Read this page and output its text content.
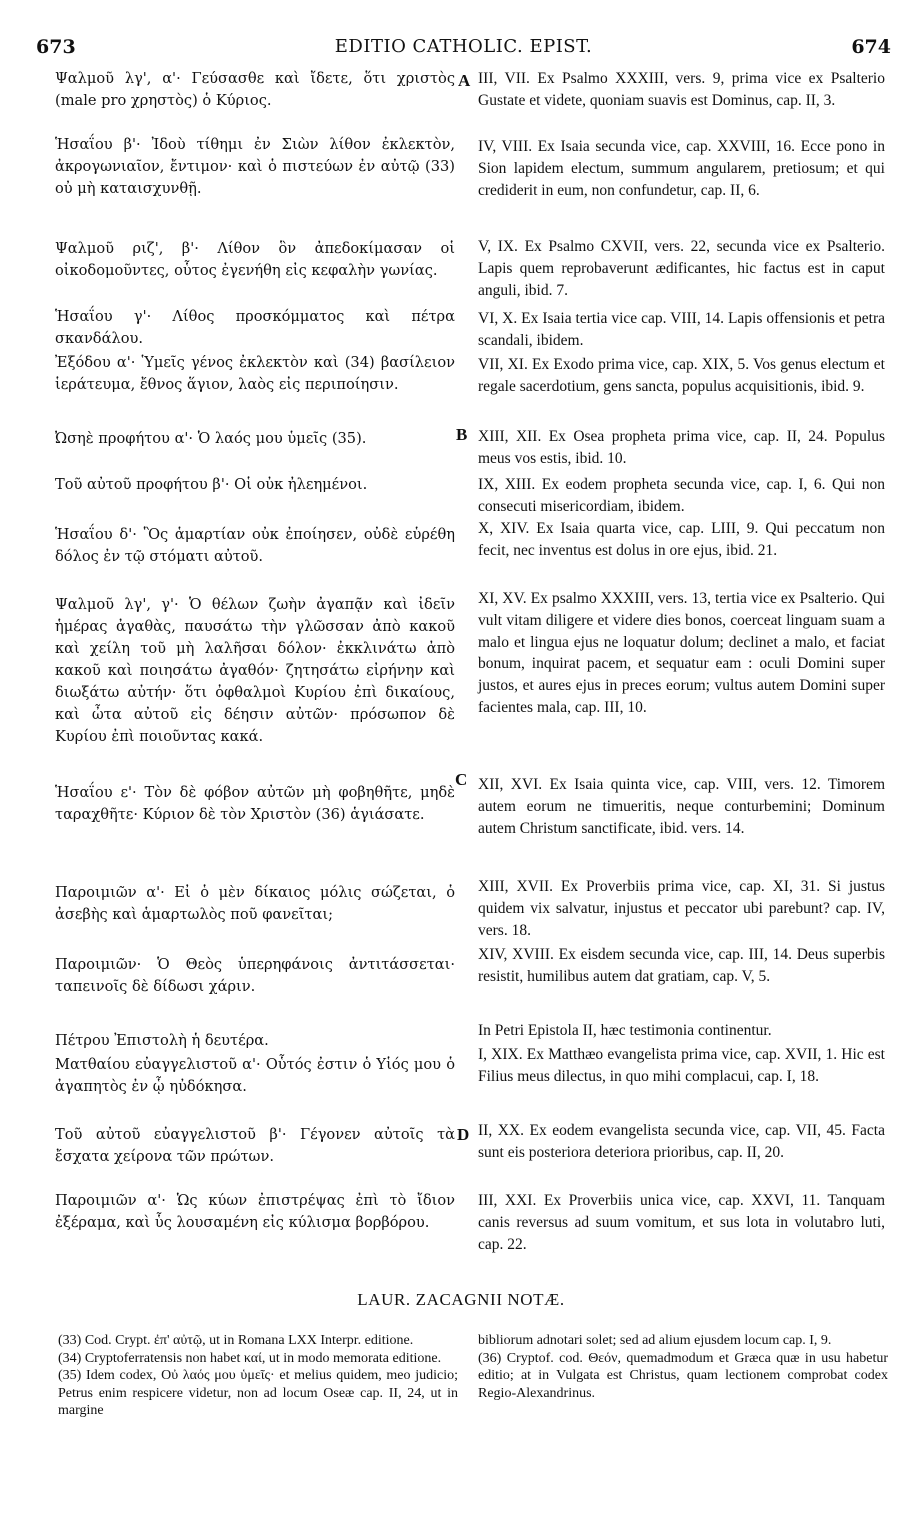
673	EDITIO CATHOLIC. EPIST.	674
Ψαλμοῦ λγ', α'· Γεύσασθε καὶ ἴδετε, ὅτι χριστὸς (male pro χρηστὸς) ὁ Κύριος.
Ἡσαΐου β'· Ἰδοὺ τίθημι ἐν Σιὼν λίθον ἐκλεκτὸν, ἀκρογωνιαῖον, ἔντιμον· καὶ ὁ πιστεύων ἐν αὐτῷ (33) οὐ μὴ καταισχυνθῇ.
Ψαλμοῦ ριζ', β'· Λίθον ὃν ἀπεδοκίμασαν οἱ οἰκοδομοῦντες, οὗτος ἐγενήθη εἰς κεφαλὴν γωνίας.
Ἡσαΐου γ'· Λίθος προσκόμματος καὶ πέτρα σκανδάλου.
Ἐξόδου α'· Ὑμεῖς γένος ἐκλεκτὸν καὶ (34) βασίλειον ἱεράτευμα, ἔθνος ἅγιον, λαὸς εἰς περιποίησιν.
Ὠσηὲ προφήτου α'· Ὁ λαός μου ὑμεῖς (35).
Τοῦ αὐτοῦ προφήτου β'· Οἱ οὐκ ἠλεημένοι.
Ἡσαΐου δ'· Ὃς ἁμαρτίαν οὐκ ἐποίησεν, οὐδὲ εὑρέθη δόλος ἐν τῷ στόματι αὐτοῦ.
Ψαλμοῦ λγ', γ'· Ὁ θέλων ζωὴν ἀγαπᾷν καὶ ἰδεῖν ἡμέρας ἀγαθὰς, παυσάτω τὴν γλῶσσαν ἀπὸ κακοῦ καὶ χείλη τοῦ μὴ λαλῆσαι δόλον· ἐκκλινάτω ἀπὸ κακοῦ καὶ ποιησάτω ἀγαθόν· ζητησάτω εἰρήνην καὶ διωξάτω αὐτήν· ὅτι ὀφθαλμοὶ Κυρίου ἐπὶ δικαίους, καὶ ὦτα αὐτοῦ εἰς δέησιν αὐτῶν· πρόσωπον δὲ Κυρίου ἐπὶ ποιοῦντας κακά.
Ἡσαΐου ε'· Τὸν δὲ φόβον αὐτῶν μὴ φοβηθῆτε, μηδὲ ταραχθῆτε· Κύριον δὲ τὸν Χριστὸν (36) ἁγιάσατε.
Παροιμιῶν α'· Εἰ ὁ μὲν δίκαιος μόλις σώζεται, ὁ ἀσεβὴς καὶ ἁμαρτωλὸς ποῦ φανεῖται;
Παροιμιῶν· Ὁ Θεὸς ὑπερηφάνοις ἀντιτάσσεται· ταπεινοῖς δὲ δίδωσι χάριν.
Πέτρου Ἐπιστολὴ ἡ δευτέρα.
Ματθαίου εὐαγγελιστοῦ α'· Οὗτός ἐστιν ὁ Υἱός μου ὁ ἀγαπητὸς ἐν ᾧ ηὐδόκησα.
Τοῦ αὐτοῦ εὐαγγελιστοῦ β'· Γέγονεν αὐτοῖς τὰ ἔσχατα χείρονα τῶν πρώτων.
Παροιμιῶν α'· Ὡς κύων ἐπιστρέψας ἐπὶ τὸ ἴδιον ἐξέραμα, καὶ ὗς λουσαμένη εἰς κύλισμα βορβόρου.
A
B
C
D
III, VII. Ex Psalmo XXXIII, vers. 9, prima vice ex Psalterio Gustate et videte, quoniam suavis est Dominus, cap. II, 3.
IV, VIII. Ex Isaia secunda vice, cap. XXVIII, 16. Ecce pono in Sion lapidem electum, summum angularem, pretiosum; et qui crediderit in eum, non confundetur, cap. II, 6.
V, IX. Ex Psalmo CXVII, vers. 22, secunda vice ex Psalterio. Lapis quem reprobaverunt ædificantes, hic factus est in caput anguli, ibid. 7.
VI, X. Ex Isaia tertia vice cap. VIII, 14. Lapis offensionis et petra scandali, ibidem.
VII, XI. Ex Exodo prima vice, cap. XIX, 5. Vos genus electum et regale sacerdotium, gens sancta, populus acquisitionis, ibid. 9.
XIII, XII. Ex Osea propheta prima vice, cap. II, 24. Populus meus vos estis, ibid. 10.
IX, XIII. Ex eodem propheta secunda vice, cap. I, 6. Qui non consecuti misericordiam, ibidem.
X, XIV. Ex Isaia quarta vice, cap. LIII, 9. Qui peccatum non fecit, nec inventus est dolus in ore ejus, ibid. 21.
XI, XV. Ex psalmo XXXIII, vers. 13, tertia vice ex Psalterio. Qui vult vitam diligere et videre dies bonos, coerceat linguam suam a malo et lingua ejus ne loquatur dolum; declinet a malo, et faciat bonum, inquirat pacem, et sequatur eam : oculi Domini super justos, et aures ejus in preces eorum; vultus autem Domini super facientes mala, cap. III, 10.
XII, XVI. Ex Isaia quinta vice, cap. VIII, vers. 12. Timorem autem eorum ne timueritis, neque conturbemini; Dominum autem Christum sanctificate, ibid. vers. 14.
XIII, XVII. Ex Proverbiis prima vice, cap. XI, 31. Si justus quidem vix salvatur, injustus et peccator ubi parebunt? cap. IV, vers. 18.
XIV, XVIII. Ex eisdem secunda vice, cap. III, 14. Deus superbis resistit, humilibus autem dat gratiam, cap. V, 5.
In Petri Epistola II, hæc testimonia continentur.
I, XIX. Ex Matthæo evangelista prima vice, cap. XVII, 1. Hic est Filius meus dilectus, in quo mihi complacui, cap. I, 18.
II, XX. Ex eodem evangelista secunda vice, cap. VII, 45. Facta sunt eis posteriora deteriora prioribus, cap. II, 20.
III, XXI. Ex Proverbiis unica vice, cap. XXVI, 11. Tanquam canis reversus ad suum vomitum, et sus lota in volutabro luti, cap. 22.
LAUR. ZACAGNII NOTÆ.

(33) Cod. Crypt. ἐπ' αὐτῷ, ut in Romana LXX Interpr. editione.

(34) Cryptoferratensis non habet καί, ut in modo memorata editione.

(35) Idem codex, Οὐ λαός μου ὑμεῖς· et melius quidem, meo judicio; Petrus enim respicere videtur, non ad locum Oseæ cap. II, 24, ut in margine

bibliorum adnotari solet; sed ad alium ejusdem locum cap. I, 9.

(36) Cryptof. cod. Θεόν, quemadmodum et Græca quæ in usu habetur editio; at in Vulgata est Christus, quam lectionem comprobat codex Regio-Alexandrinus.
